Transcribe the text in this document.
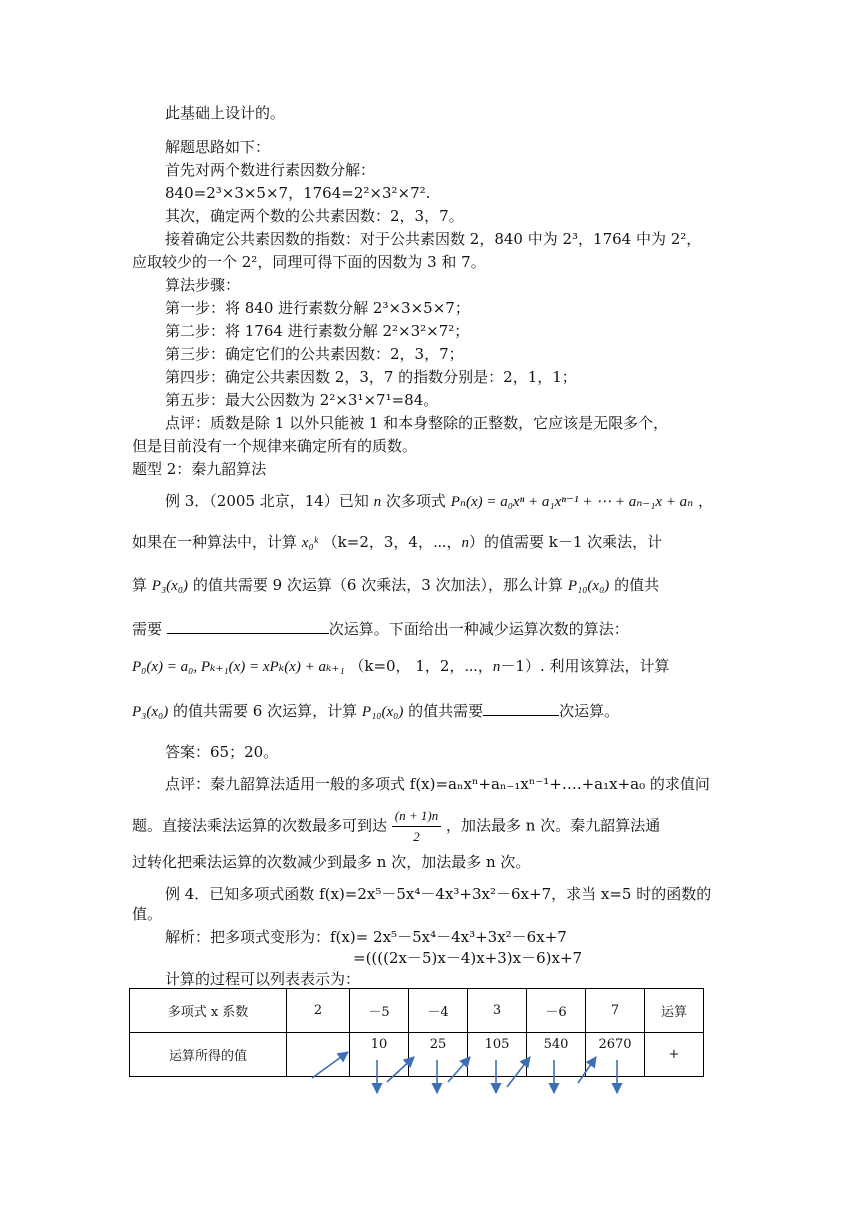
此基础上设计的。
解题思路如下：
首先对两个数进行素因数分解：
840=2³×3×5×7，1764=2²×3²×7².
其次，确定两个数的公共素因数：2，3，7。
接着确定公共素因数的指数：对于公共素因数 2，840 中为 2³，1764 中为 2²，
应取较少的一个 2²，同理可得下面的因数为 3 和 7。
算法步骤：
第一步：将 840 进行素数分解 2³×3×5×7；
第二步：将 1764 进行素数分解 2²×3²×7²；
第三步：确定它们的公共素因数：2，3，7；
第四步：确定公共素因数 2，3，7 的指数分别是：2，1，1；
第五步：最大公因数为 2²×3¹×7¹=84。
点评：质数是除 1 以外只能被 1 和本身整除的正整数，它应该是无限多个，
但是目前没有一个规律来确定所有的质数。
题型 2：秦九韶算法
例 3．（2005 北京，14）已知 n 次多项式 Pₙ(x) = a₀xⁿ + a₁xⁿ⁻¹ + ⋯ + aₙ₋₁x + aₙ ，
如果在一种算法中，计算 x₀ᵏ （k=2，3，4，⋯，n）的值需要 k－1 次乘法，计
算 P₃(x₀) 的值共需要 9 次运算（6 次乘法，3 次加法），那么计算 P₁₀(x₀) 的值共
需要	次运算。下面给出一种减少运算次数的算法：
P₀(x) = a₀, Pₖ₊₁(x) = xPₖ(x) + aₖ₊₁ （k=0， 1，2，⋯，n－1）. 利用该算法，计算
P₃(x₀) 的值共需要 6 次运算，计算 P₁₀(x₀) 的值共需要	次运算。
答案：65；20。
点评：秦九韶算法适用一般的多项式 f(x)=aₙxⁿ+aₙ₋₁xⁿ⁻¹+….+a₁x+a₀ 的求值问
题。直接法乘法运算的次数最多可到达 $\frac{(n + 1)n}{2}$ ，加法最多 n 次。秦九韶算法通
过转化把乘法运算的次数减少到最多 n 次，加法最多 n 次。
例 4．已知多项式函数 f(x)=2x⁵－5x⁴－4x³+3x²－6x+7，求当 x=5 时的函数的
值。
解析：把多项式变形为：f(x)= 2x⁵－5x⁴－4x³+3x²－6x+7
=((((2x－5)x－4)x+3)x－6)x+7
计算的过程可以列表表示为：
多项式 x 系数	2	－5	－4	3	－6	7	运算
运算所得的值		10	25	105	540	2670	+
